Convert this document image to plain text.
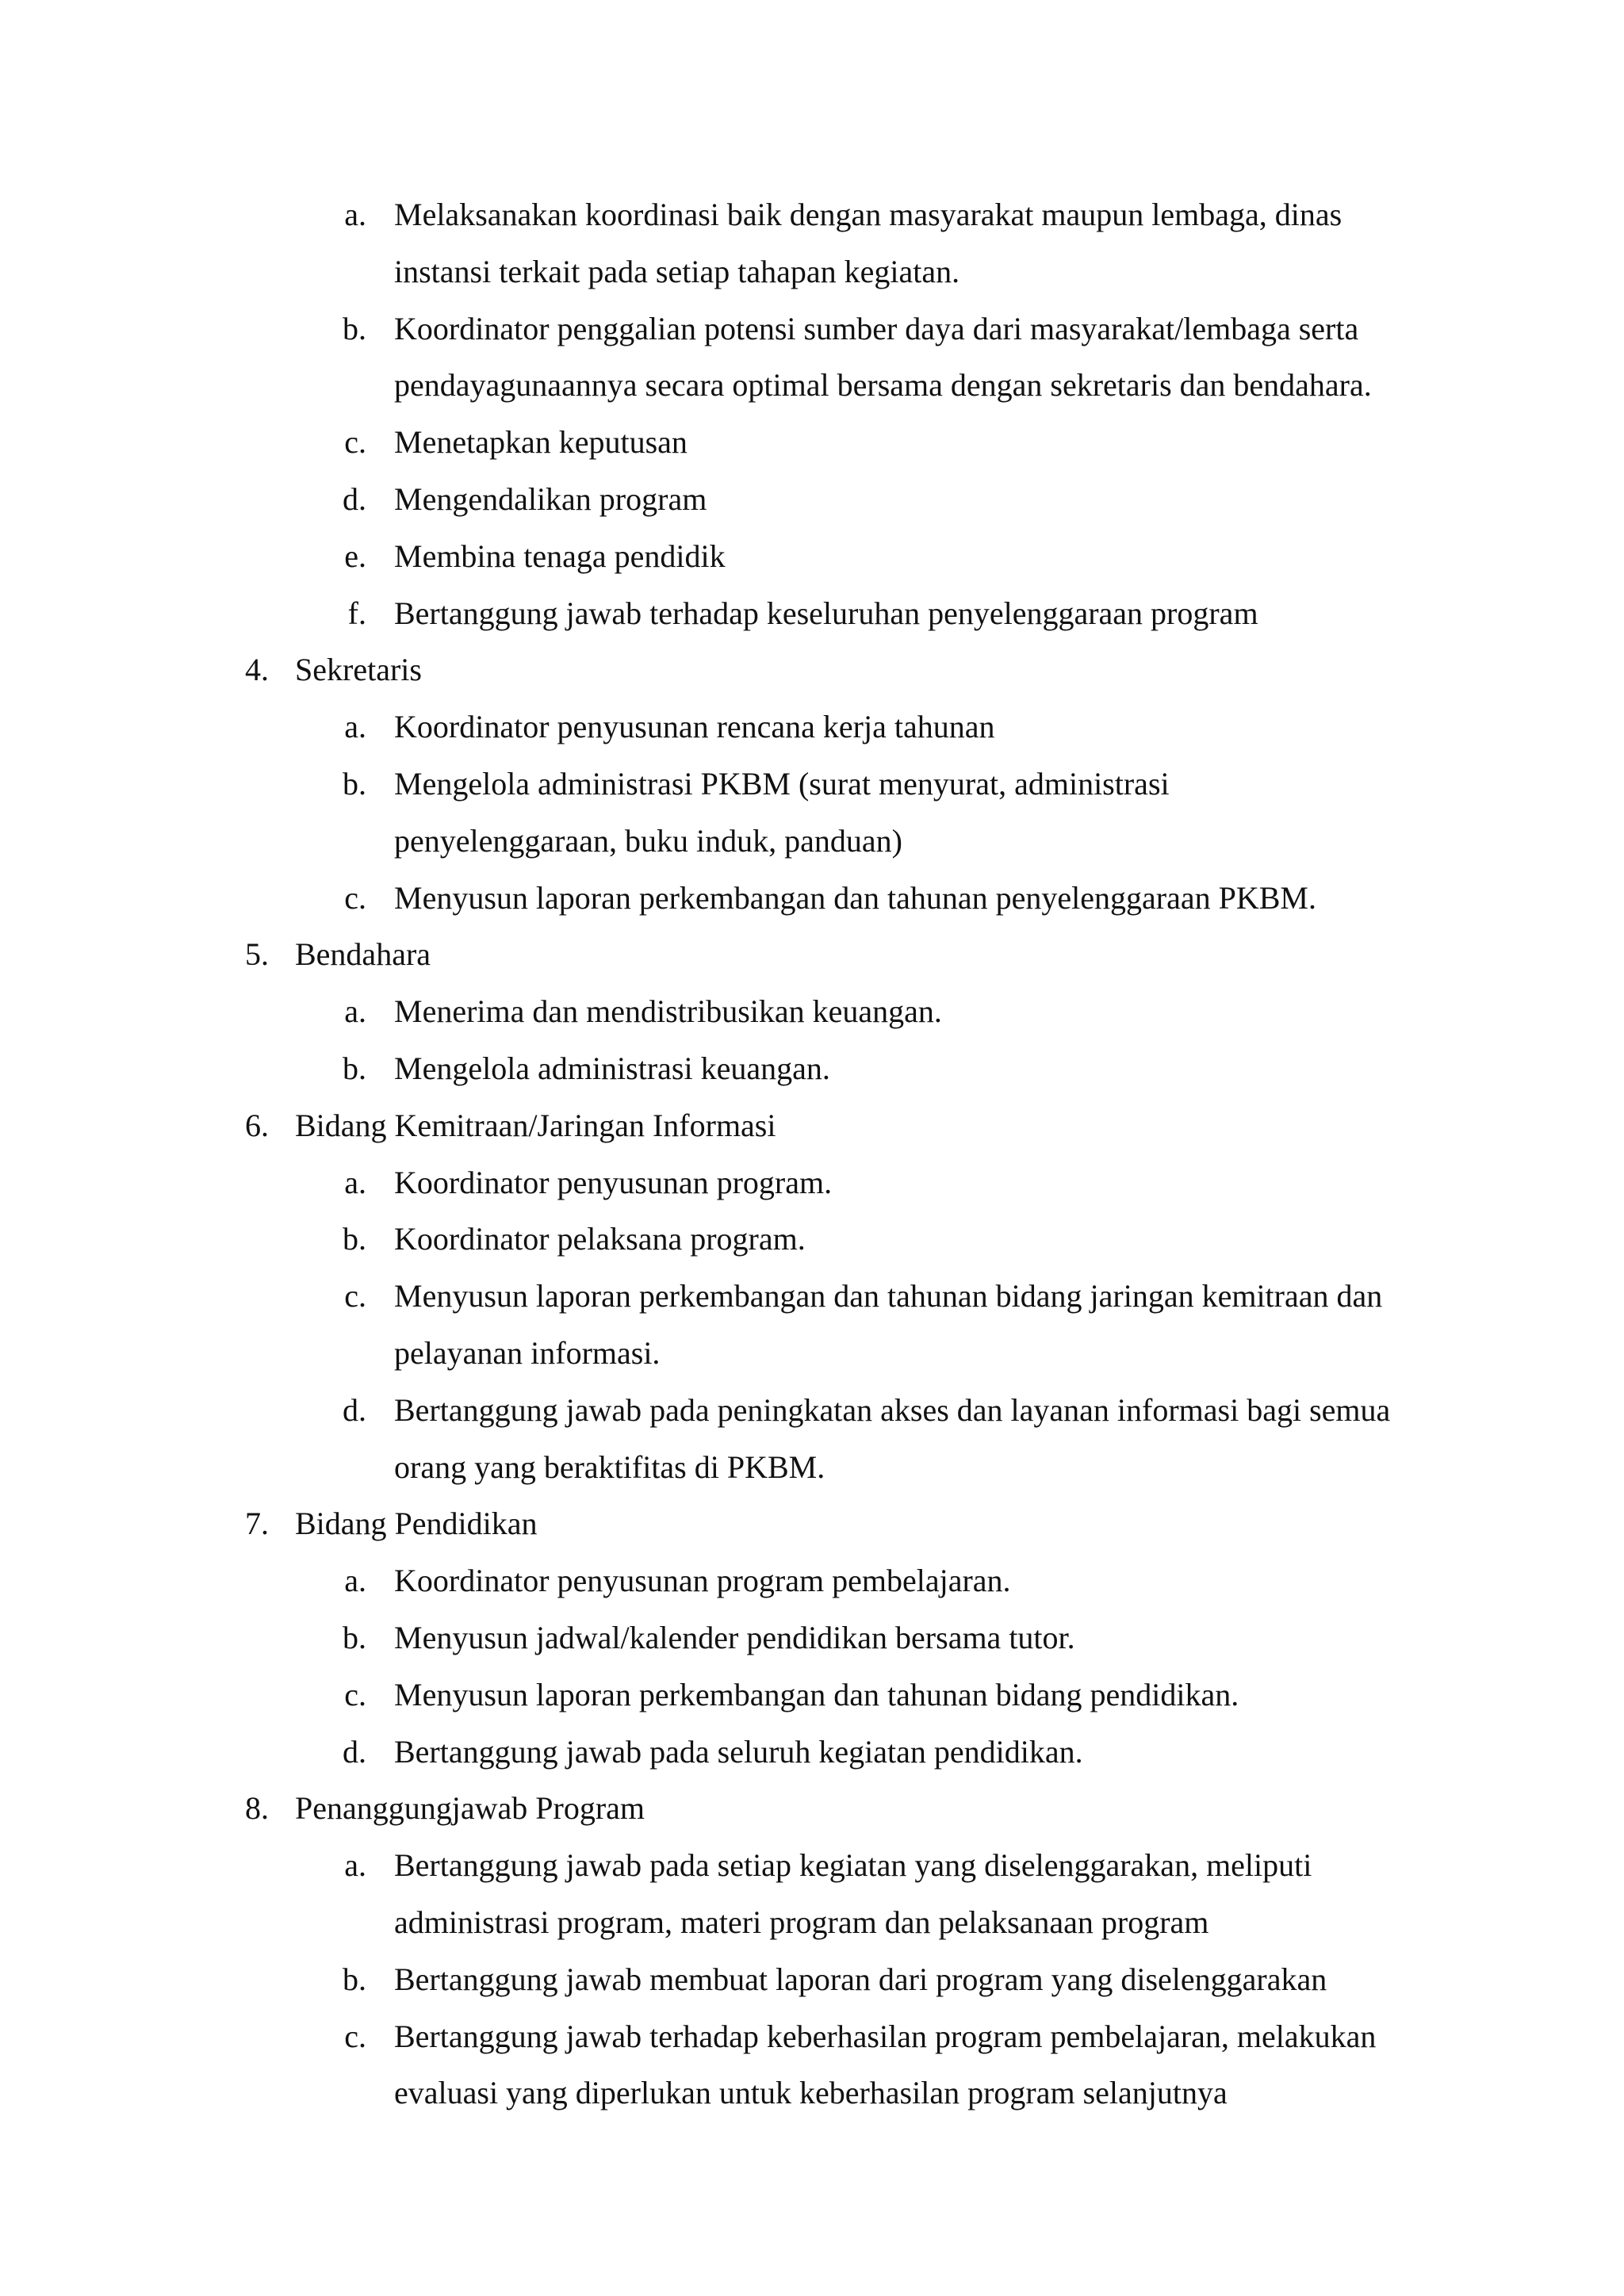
a. Melaksanakan koordinasi baik dengan masyarakat maupun lembaga, dinas
instansi terkait pada setiap tahapan kegiatan.
b. Koordinator penggalian potensi sumber daya dari masyarakat/lembaga serta
pendayagunaannya secara optimal bersama dengan sekretaris dan bendahara.
c. Menetapkan keputusan
d. Mengendalikan program
e. Membina tenaga pendidik
f. Bertanggung jawab terhadap keseluruhan penyelenggaraan program
4. Sekretaris
a. Koordinator penyusunan rencana kerja tahunan
b. Mengelola administrasi PKBM (surat menyurat, administrasi
penyelenggaraan, buku induk, panduan)
c. Menyusun laporan perkembangan dan tahunan penyelenggaraan PKBM.
5. Bendahara
a. Menerima dan mendistribusikan keuangan.
b. Mengelola administrasi keuangan.
6. Bidang Kemitraan/Jaringan Informasi
a. Koordinator penyusunan program.
b. Koordinator pelaksana program.
c. Menyusun laporan perkembangan dan tahunan bidang jaringan kemitraan dan
pelayanan informasi.
d. Bertanggung jawab pada peningkatan akses dan layanan informasi bagi semua
orang yang beraktifitas di PKBM.
7. Bidang Pendidikan
a. Koordinator penyusunan program pembelajaran.
b. Menyusun jadwal/kalender pendidikan bersama tutor.
c. Menyusun laporan perkembangan dan tahunan bidang pendidikan.
d. Bertanggung jawab pada seluruh kegiatan pendidikan.
8. Penanggungjawab Program
a. Bertanggung jawab pada setiap kegiatan yang diselenggarakan, meliputi
administrasi program, materi program dan pelaksanaan program
b. Bertanggung jawab membuat laporan dari program yang diselenggarakan
c. Bertanggung jawab terhadap keberhasilan program pembelajaran, melakukan
evaluasi yang diperlukan untuk keberhasilan program selanjutnya
